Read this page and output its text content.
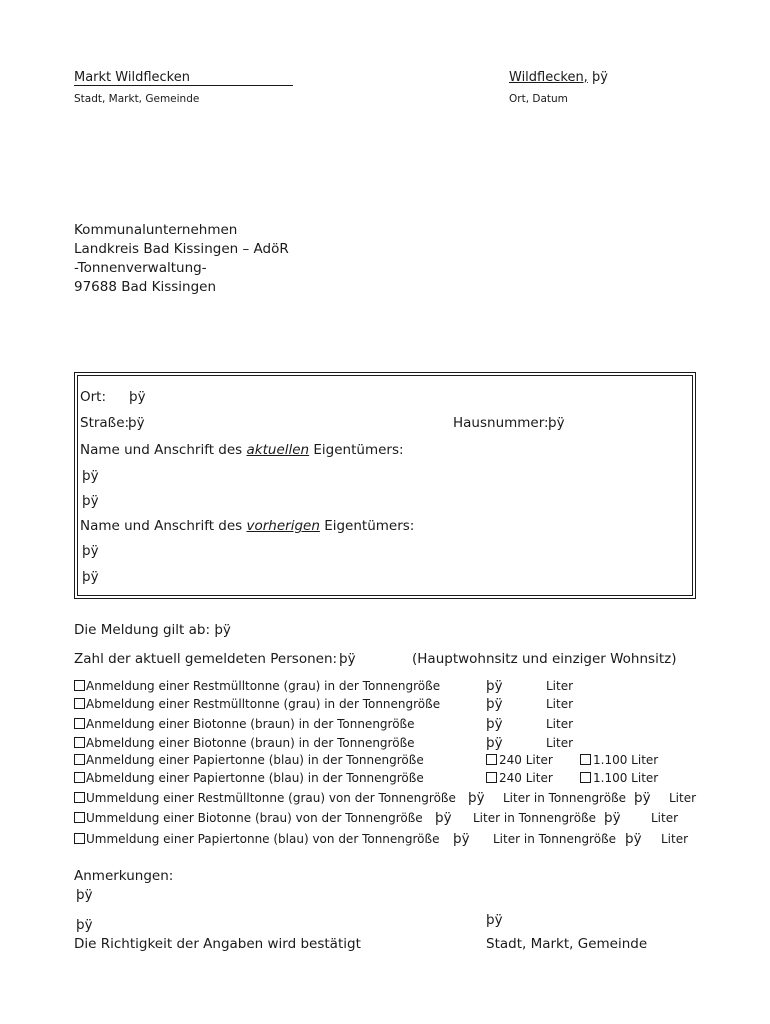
Markt Wildflecken
Stadt, Markt, Gemeinde
Wildflecken, þÿ
Ort, Datum
Kommunalunternehmen
Landkreis Bad Kissingen – AdöR
-Tonnenverwaltung-
97688 Bad Kissingen
Ort: þÿ
Straße:
þÿ	Hausnummer: þÿ
Name und Anschrift des aktuellen Eigentümers:
þÿ
þÿ
Name und Anschrift des vorherigen Eigentümers:
þÿ
þÿ
Die Meldung gilt ab: þÿ
Zahl der aktuell gemeldeten Personen: þÿ	(Hauptwohnsitz und einziger Wohnsitz)
Anmeldung einer Restmülltonne (grau) in der Tonnengröße	þÿ	Liter
Abmeldung einer Restmülltonne (grau) in der Tonnengröße	þÿ	Liter
Anmeldung einer Biotonne (braun) in der Tonnengröße	þÿ	Liter
Abmeldung einer Biotonne (braun) in der Tonnengröße	þÿ	Liter
Anmeldung einer Papiertonne (blau) in der Tonnengröße	240 Liter	1.100 Liter
Abmeldung einer Papiertonne (blau) in der Tonnengröße	240 Liter	1.100 Liter
Ummeldung einer Restmülltonne (grau) von der Tonnengröße þÿ Liter in Tonnengröße þÿ Liter
Ummeldung einer Biotonne (brau) von der Tonnengröße þÿ Liter in Tonnengröße þÿ	Liter
Ummeldung einer Papiertonne (blau) von der Tonnengröße þÿ Liter in Tonnengröße þÿ Liter
Anmerkungen:
þÿ
þÿ
Die Richtigkeit der Angaben wird bestätigt
þÿ
Stadt, Markt, Gemeinde
